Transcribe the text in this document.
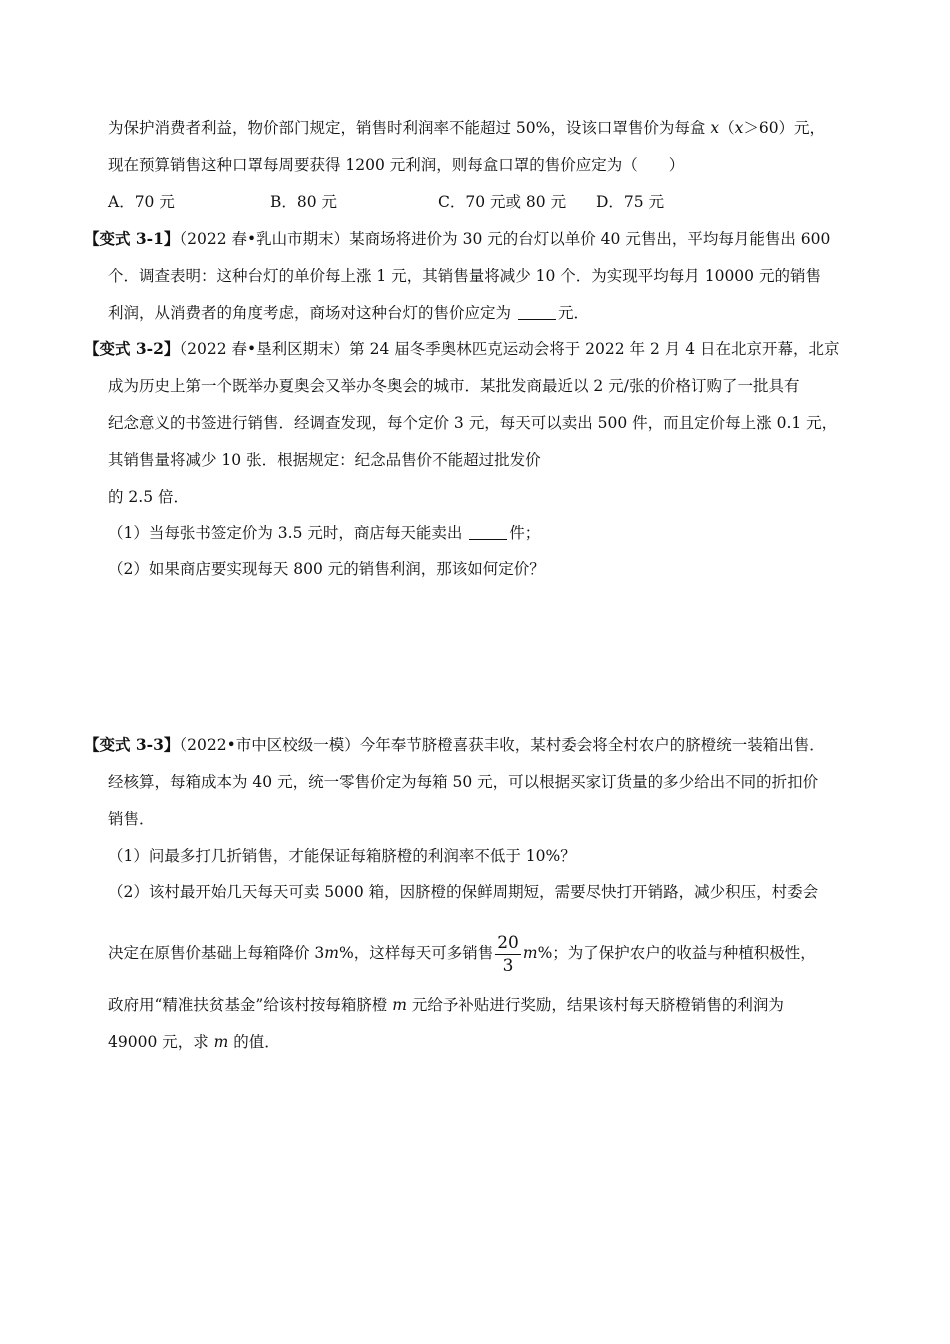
为保护消费者利益，物价部门规定，销售时利润率不能超过 50%，设该口罩售价为每盒 x（x＞60）元，
现在预算销售这种口罩每周要获得 1200 元利润，则每盒口罩的售价应定为（　　）
A．70 元	B．80 元	C．70 元或 80 元 D．75 元
【变式 3-1】（2022 春•乳山市期末）某商场将进价为 30 元的台灯以单价 40 元售出，平均每月能售出 600
个．调查表明：这种台灯的单价每上涨 1 元，其销售量将减少 10 个．为实现平均每月 10000 元的销售
利润，从消费者的角度考虑，商场对这种台灯的售价应定为	元．
【变式 3-2】（2022 春•垦利区期末）第 24 届冬季奥林匹克运动会将于 2022 年 2 月 4 日在北京开幕，北京
成为历史上第一个既举办夏奥会又举办冬奥会的城市．某批发商最近以 2 元/张的价格订购了一批具有
纪念意义的书签进行销售．经调查发现，每个定价 3 元，每天可以卖出 500 件，而且定价每上涨 0.1 元，
其销售量将减少 10 张．根据规定：纪念品售价不能超过批发价
的 2.5 倍．
（1）当每张书签定价为 3.5 元时，商店每天能卖出	件；
（2）如果商店要实现每天 800 元的销售利润，那该如何定价？
【变式 3-3】（2022•市中区校级一模）今年奉节脐橙喜获丰收，某村委会将全村农户的脐橙统一装箱出售．
经核算，每箱成本为 40 元，统一零售价定为每箱 50 元，可以根据买家订货量的多少给出不同的折扣价
销售．
（1）问最多打几折销售，才能保证每箱脐橙的利润率不低于 10%？
（2）该村最开始几天每天可卖 5000 箱，因脐橙的保鲜周期短，需要尽快打开销路，减少积压，村委会
决定在原售价基础上每箱降价 3m%，这样每天可多销售 $\frac{20}{3} m\%$；为了保护农户的收益与种植积极性，
政府用“精准扶贫基金”给该村按每箱脐橙 m 元给予补贴进行奖励，结果该村每天脐橙销售的利润为
49000 元，求 m 的值．
